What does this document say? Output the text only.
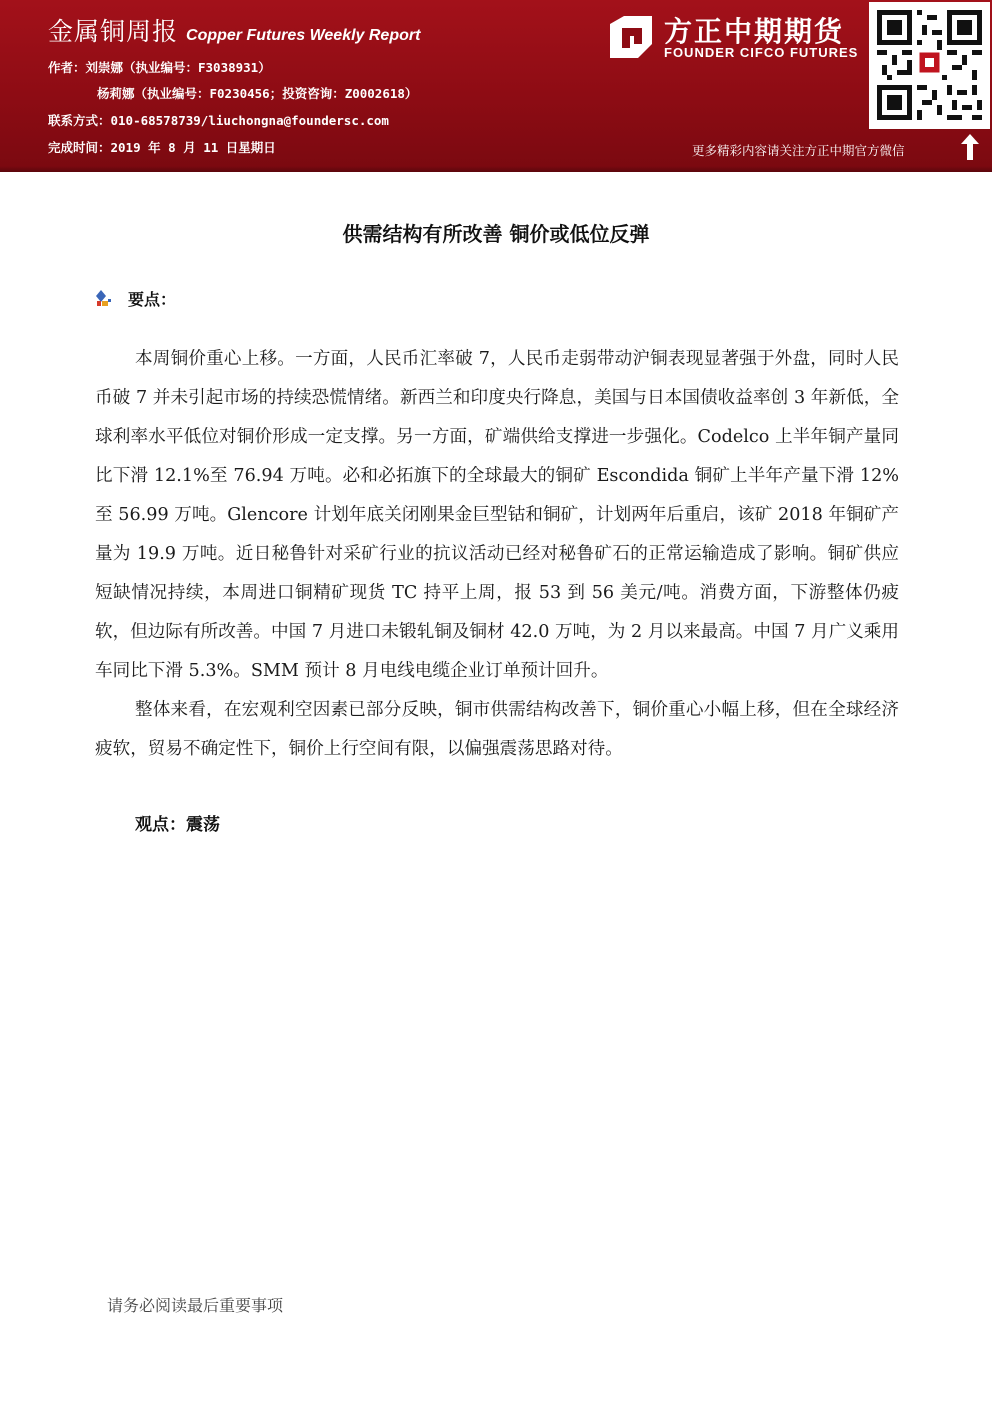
金属铜周报 Copper Futures Weekly Report
作者：刘崇娜（执业编号：F3038931）
杨莉娜（执业编号：F0230456；投资咨询：Z0002618）
联系方式：010-68578739/liuchongna@foundersc.com
完成时间：2019 年 8 月 11 日星期日
方正中期期货
FOUNDER CIFCO FUTURES
更多精彩内容请关注方正中期官方微信
供需结构有所改善 铜价或低位反弹
要点：

本周铜价重心上移。一方面，人民币汇率破 7，人民币走弱带动沪铜表现显著强于外盘，同时人民币破 7 并未引起市场的持续恐慌情绪。新西兰和印度央行降息，美国与日本国债收益率创 3 年新低，全球利率水平低位对铜价形成一定支撑。另一方面，矿端供给支撑进一步强化。Codelco 上半年铜产量同比下滑 12.1%至 76.94 万吨。必和必拓旗下的全球最大的铜矿 Escondida 铜矿上半年产量下滑 12%至 56.99 万吨。Glencore 计划年底关闭刚果金巨型钴和铜矿，计划两年后重启，该矿 2018 年铜矿产量为 19.9 万吨。近日秘鲁针对采矿行业的抗议活动已经对秘鲁矿石的正常运输造成了影响。铜矿供应短缺情况持续，本周进口铜精矿现货 TC 持平上周，报 53 到 56 美元/吨。消费方面，下游整体仍疲软，但边际有所改善。中国 7 月进口未锻轧铜及铜材 42.0 万吨，为 2 月以来最高。中国 7 月广义乘用车同比下滑 5.3%。SMM 预计 8 月电线电缆企业订单预计回升。

整体来看，在宏观利空因素已部分反映，铜市供需结构改善下，铜价重心小幅上移，但在全球经济疲软，贸易不确定性下，铜价上行空间有限，以偏强震荡思路对待。

观点：震荡
请务必阅读最后重要事项
